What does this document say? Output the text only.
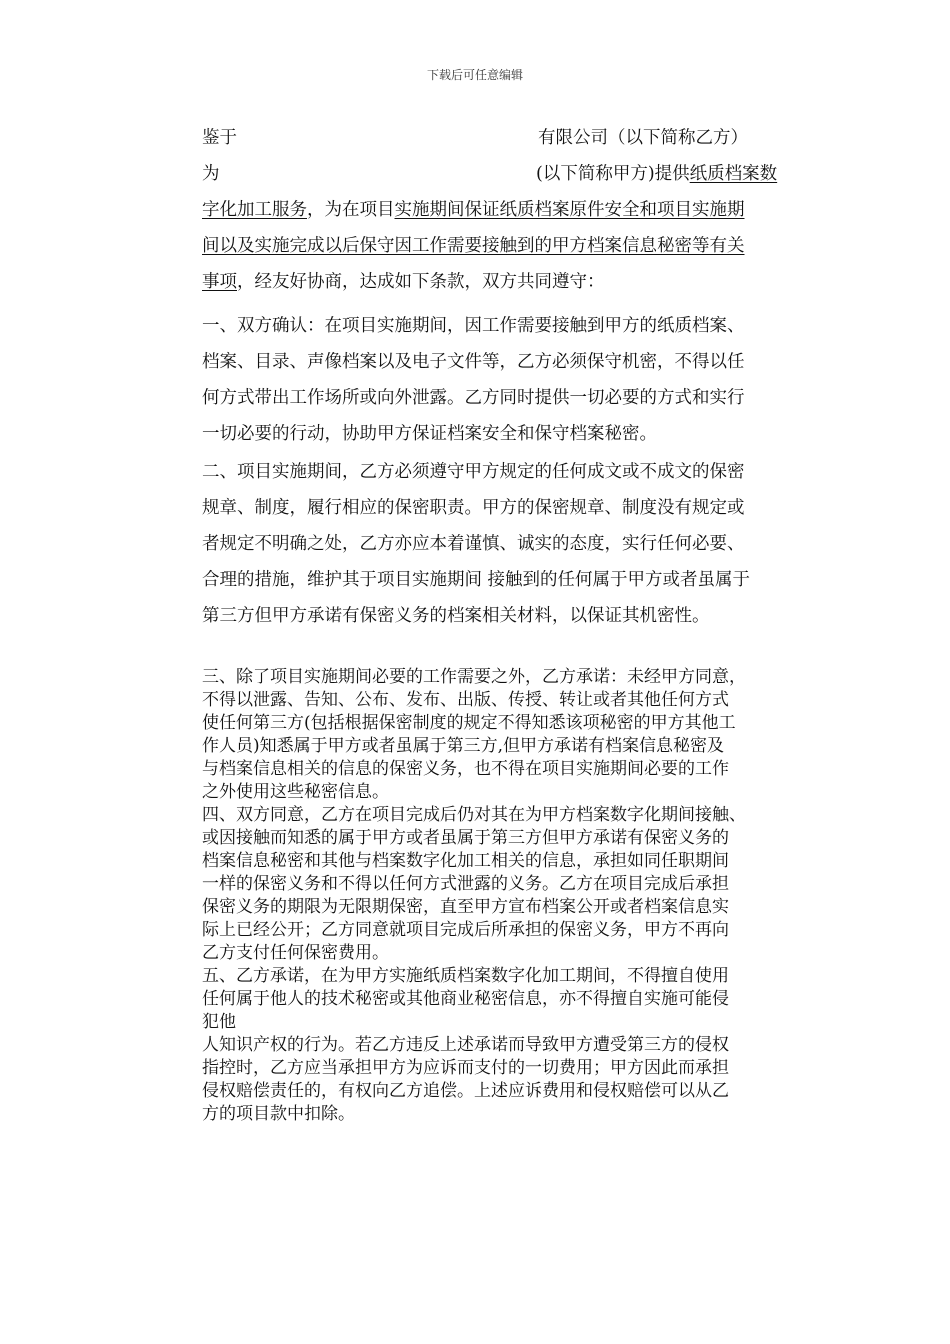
下载后可任意编辑
鉴于
为
字化加工服务，为在项目实施期间保证纸质档案原件安全和项目实施期
间以及实施完成以后保守因工作需要接触到的甲方档案信息秘密等有关
事项，经友好协商，达成如下条款，双方共同遵守：
有限公司（以下简称乙方）
(以下简称甲方)提供纸质档案数
一、双方确认：在项目实施期间，因工作需要接触到甲方的纸质档案、
档案、目录、声像档案以及电子文件等，乙方必须保守机密，不得以任
何方式带出工作场所或向外泄露。乙方同时提供一切必要的方式和实行
一切必要的行动，协助甲方保证档案安全和保守档案秘密。
二、项目实施期间，乙方必须遵守甲方规定的任何成文或不成文的保密
规章、制度，履行相应的保密职责。甲方的保密规章、制度没有规定或
者规定不明确之处，乙方亦应本着谨慎、诚实的态度，实行任何必要、
合理的措施，维护其于项目实施期间 接触到的任何属于甲方或者虽属于
第三方但甲方承诺有保密义务的档案相关材料，以保证其机密性。

三、除了项目实施期间必要的工作需要之外，乙方承诺：未经甲方同意，

不得以泄露、告知、公布、发布、出版、传授、转让或者其他任何方式

使任何第三方(包括根据保密制度的规定不得知悉该项秘密的甲方其他工

作人员)知悉属于甲方或者虽属于第三方,但甲方承诺有档案信息秘密及

与档案信息相关的信息的保密义务，也不得在项目实施期间必要的工作

之外使用这些秘密信息。

四、双方同意，乙方在项目完成后仍对其在为甲方档案数字化期间接触、

或因接触而知悉的属于甲方或者虽属于第三方但甲方承诺有保密义务的

档案信息秘密和其他与档案数字化加工相关的信息，承担如同任职期间

一样的保密义务和不得以任何方式泄露的义务。乙方在项目完成后承担

保密义务的期限为无限期保密，直至甲方宣布档案公开或者档案信息实

际上已经公开；乙方同意就项目完成后所承担的保密义务，甲方不再向

乙方支付任何保密费用。

五、乙方承诺，在为甲方实施纸质档案数字化加工期间，不得擅自使用

任何属于他人的技术秘密或其他商业秘密信息，亦不得擅自实施可能侵

犯他

人知识产权的行为。若乙方违反上述承诺而导致甲方遭受第三方的侵权

指控时，乙方应当承担甲方为应诉而支付的一切费用；甲方因此而承担

侵权赔偿责任的，有权向乙方追偿。上述应诉费用和侵权赔偿可以从乙

方的项目款中扣除。
